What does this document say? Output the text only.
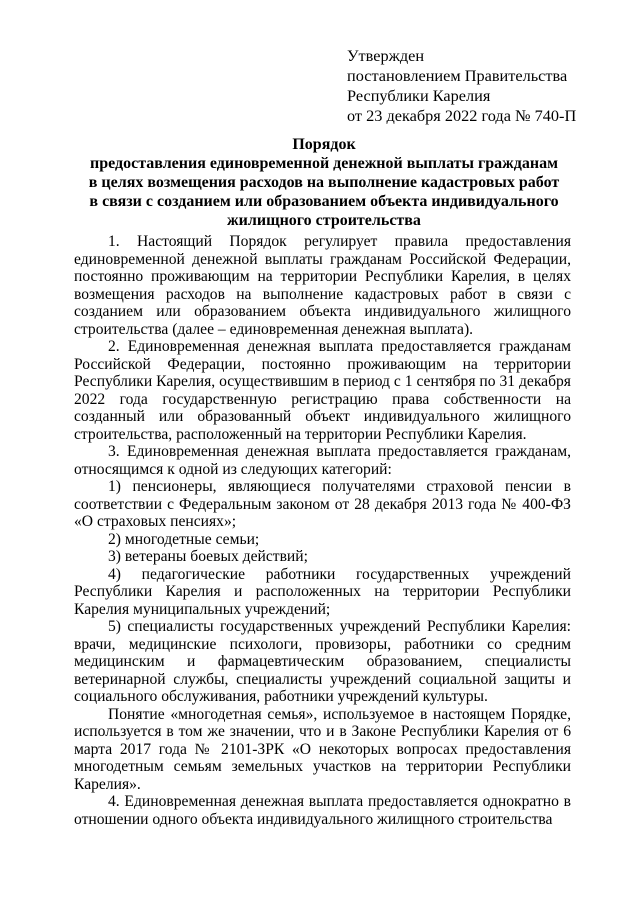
Утвержден
постановлением Правительства
Республики Карелия
от 23 декабря 2022 года № 740-П
Порядок
предоставления единовременной денежной выплаты гражданам
в целях возмещения расходов на выполнение кадастровых работ
в связи с созданием или образованием объекта индивидуального
жилищного строительства

1. Настоящий Порядок регулирует правила предоставления единовременной денежной выплаты гражданам Российской Федерации, постоянно проживающим на территории Республики Карелия, в целях возмещения расходов на выполнение кадастровых работ в связи с созданием или образованием объекта индивидуального жилищного строительства (далее – единовременная денежная выплата).

2. Единовременная денежная выплата предоставляется гражданам Российской Федерации, постоянно проживающим на территории Республики Карелия, осуществившим в период с 1 сентября по 31 декабря 2022 года государственную регистрацию права собственности на созданный или образованный объект индивидуального жилищного строительства, расположенный на территории Республики Карелия.

3. Единовременная денежная выплата предоставляется гражданам, относящимся к одной из следующих категорий:

1) пенсионеры, являющиеся получателями страховой пенсии в соответствии с Федеральным законом от 28 декабря 2013 года № 400-ФЗ «О страховых пенсиях»;

2) многодетные семьи;

3) ветераны боевых действий;

4) педагогические работники государственных учреждений Республики Карелия и расположенных на территории Республики Карелия муниципальных учреждений;

5) специалисты государственных учреждений Республики Карелия: врачи, медицинские психологи, провизоры, работники со средним медицинским и фармацевтическим образованием, специалисты ветеринарной службы, специалисты учреждений социальной защиты и социального обслуживания, работники учреждений культуры.

Понятие «многодетная семья», используемое в настоящем Порядке, используется в том же значении, что и в Законе Республики Карелия от 6 марта 2017 года № 2101-ЗРК «О некоторых вопросах предоставления многодетным семьям земельных участков на территории Республики Карелия».

4. Единовременная денежная выплата предоставляется однократно в отношении одного объекта индивидуального жилищного строительства
